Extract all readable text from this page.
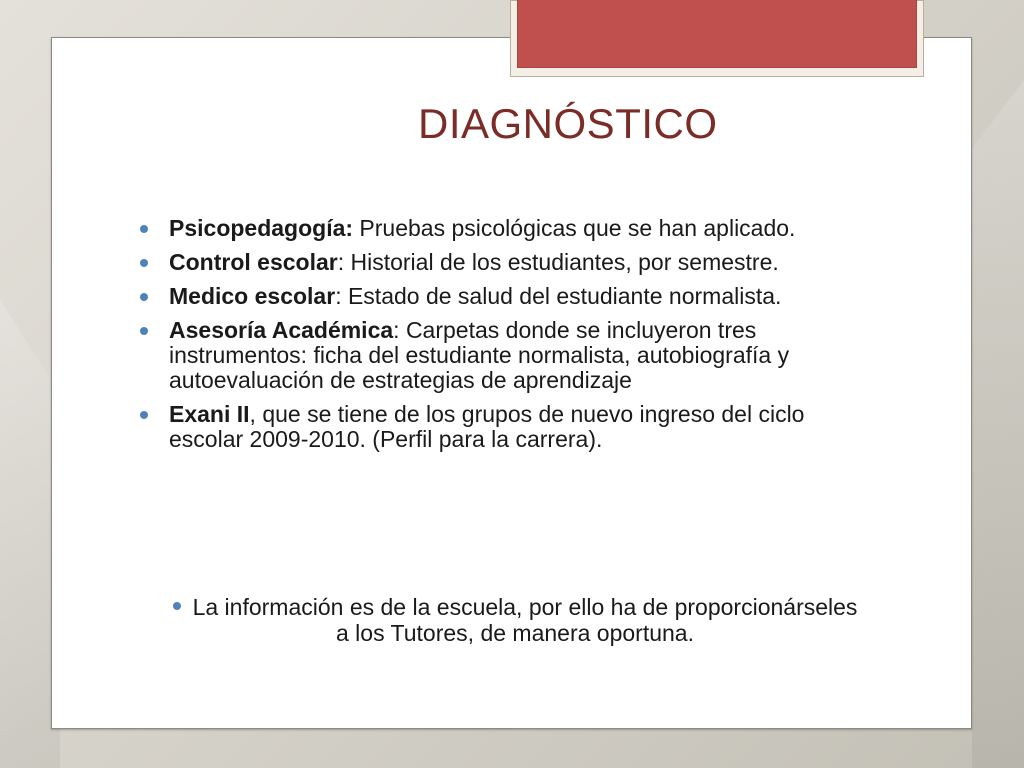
DIAGNÓSTICO
Psicopedagogía: Pruebas psicológicas que se han aplicado.
Control escolar: Historial de los estudiantes, por semestre.
Medico escolar: Estado de salud del estudiante normalista.
Asesoría Académica: Carpetas donde se incluyeron tres instrumentos: ficha del estudiante normalista, autobiografía y autoevaluación de estrategias de aprendizaje
Exani II, que se tiene de los grupos de nuevo ingreso del ciclo escolar 2009-2010. (Perfil para la carrera).

La información es de la escuela, por ello ha de proporcionárseles a los Tutores, de manera oportuna.
